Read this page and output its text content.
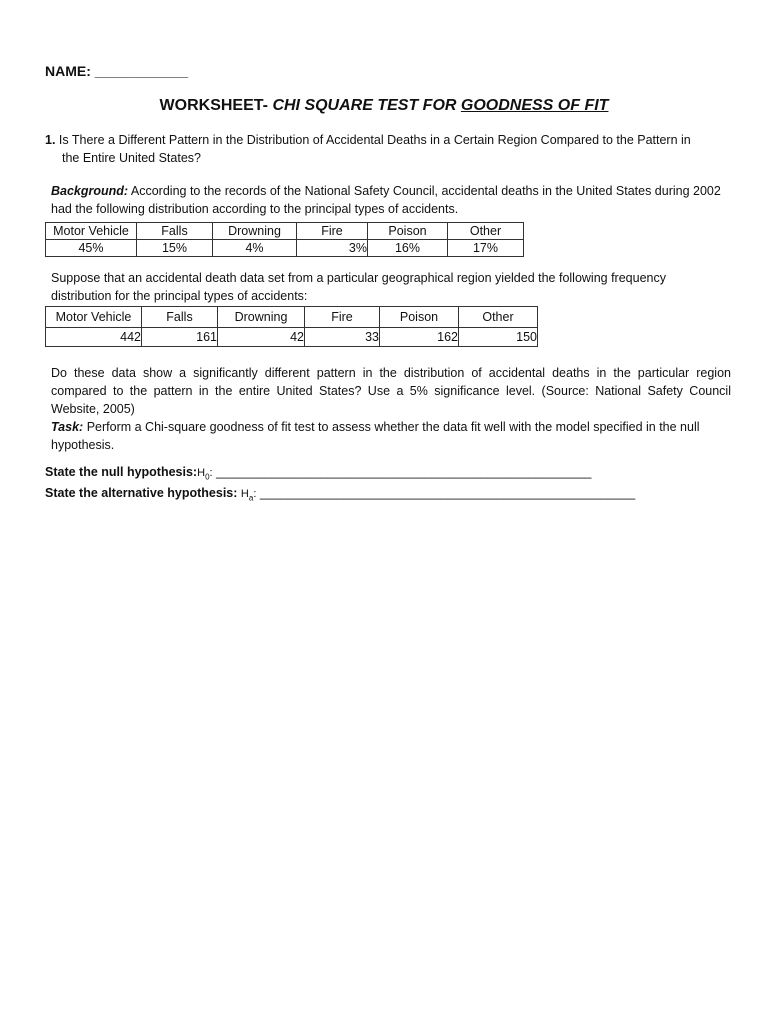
NAME: ____________
WORKSHEET- CHI SQUARE TEST FOR GOODNESS OF FIT
1. Is There a Different Pattern in the Distribution of Accidental Deaths in a Certain Region Compared to the Pattern in
the Entire United States?
Background: According to the records of the National Safety Council, accidental deaths in the United States during 2002
had the following distribution according to the principal types of accidents.
Motor Vehicle	Falls	Drowning	Fire	Poison	Other
45%	15%	4%	3%	16%	17%
Suppose that an accidental death data set from a particular geographical region yielded the following frequency
distribution for the principal types of accidents:
Motor Vehicle	Falls	Drowning	Fire	Poison	Other
442	161	42	33	162	150
Do these data show a significantly different pattern in the distribution of accidental deaths in the particular region
compared to the pattern in the entire United States? Use a 5% significance level. (Source: National Safety Council
Website, 2005)
Task: Perform a Chi-square goodness of fit test to assess whether the data fit well with the model specified in the null
hypothesis.
State the null $hypothesis:H_0$: ______________________________________________________
State the alternative hypothesis: $H_a$: ______________________________________________________
